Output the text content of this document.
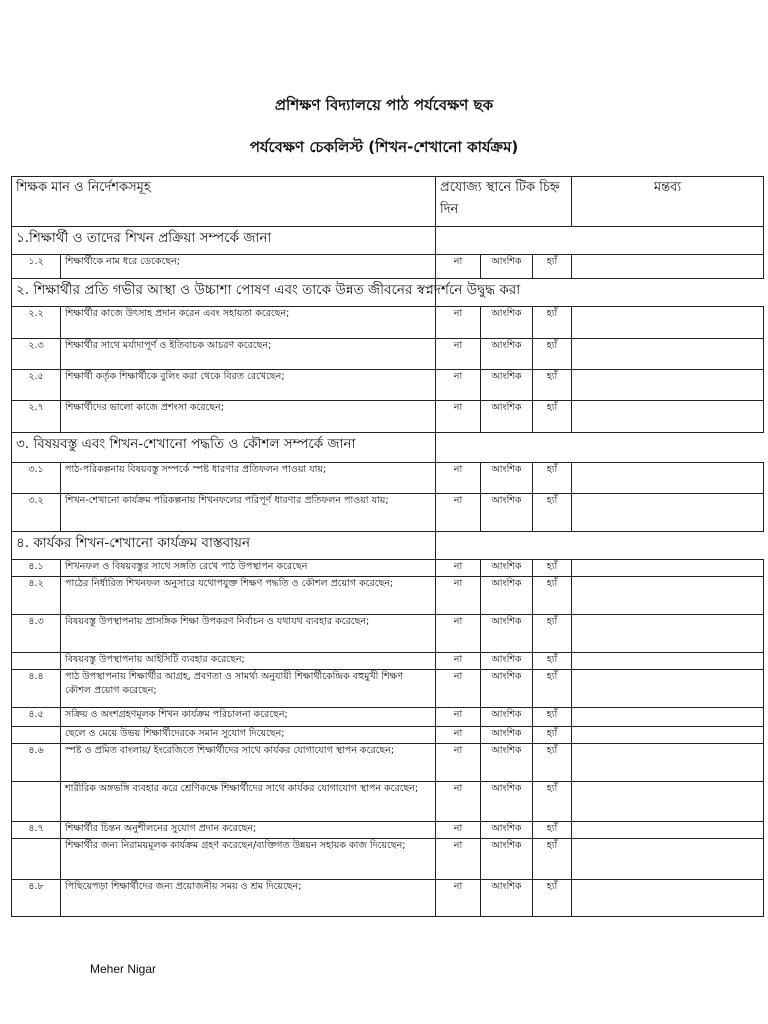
প্রশিক্ষণ বিদ্যালয়ে পাঠ পর্যবেক্ষণ ছক
পর্যবেক্ষণ চেকলিস্ট (শিখন-শেখানো কার্যক্রম)
শিক্ষক মান ও নির্দেশকসমূহ		প্রযোজ্য স্থানে টিক চিহ্ন দিন			মন্তব্য
১.শিক্ষার্থী ও তাদের শিখন প্রক্রিয়া সম্পর্কে জানা					
১.২	শিক্ষার্থীকে নাম ধরে ডেকেছেন;	না	আংশিক	হ্যাঁ	
২. শিক্ষার্থীর প্রতি গভীর আস্থা ও উচ্চাশা পোষণ এবং তাকে উন্নত জীবনের স্বপ্নদর্শনে উদ্বুদ্ধ করা					
২.২	শিক্ষার্থীর কাজে উৎসাহ প্রদান করেন এবং সহায়তা করেছেন;	না	আংশিক	হ্যাঁ	
২.৩	শিক্ষার্থীর সাথে মর্যাদাপূর্ণ ও ইতিবাচক আচরণ করেছেন;	না	আংশিক	হ্যাঁ	
২.৫	শিক্ষার্থী কর্তৃক শিক্ষার্থীকে বুলিং করা থেকে বিরত রেখেছেন;	না	আংশিক	হ্যাঁ	
২.৭	শিক্ষার্থীদের ভালো কাজে প্রশংসা করেছেন;	না	আংশিক	হ্যাঁ	
৩. বিষয়বস্তু এবং শিখন-শেখানো পদ্ধতি ও কৌশল সম্পর্কে জানা					
৩.১	পাঠ-পরিকল্পনায় বিষয়বস্তু সম্পর্কে স্পষ্ট ধারণার প্রতিফলন পাওয়া যায়;	না	আংশিক	হ্যাঁ	
৩.২	শিখন-শেখানো কার্যক্রম পরিকল্পনায় শিখনফলের পরিপূর্ণ ধারণার প্রতিফলন পাওয়া যায়;	না	আংশিক	হ্যাঁ	
৪. কার্যকর শিখন-শেখানো কার্যক্রম বাস্তবায়ন					
৪.১	শিখনফল ও বিষয়বস্তুর সাথে সঙ্গতি রেখে পাঠ উপস্থাপন করেছেন	না	আংশিক	হ্যাঁ	
৪.২	পাঠের নির্ধারিত শিখনফল অনুসারে যথোপযুক্ত শিক্ষণ পদ্ধতি ও কৌশল প্রয়োগ করেছেন;	না	আংশিক	হ্যাঁ	
৪.৩	বিষয়বস্তু উপস্থাপনায় প্রাসঙ্গিক শিক্ষা উপকরণ নির্বাচন ও যথাযথ ব্যবহার করেছেন;	না	আংশিক	হ্যাঁ	
	বিষয়বস্তু উপস্থাপনায় আইসিটি ব্যবহার করেছেন;	না	আংশিক	হ্যাঁ	
৪.৪	পাঠ উপস্থাপনায় শিক্ষার্থীর আগ্রহ, প্রবণতা ও সামর্থ্য অনুযায়ী শিক্ষার্থীকেন্দ্রিক বহুমুখী শিক্ষণ কৌশল প্রয়োগ করেছেন;	না	আংশিক	হ্যাঁ	
৪.৫	সক্রিয় ও অংশগ্রহণমূলক শিখন কার্যক্রম পরিচালনা করেছেন;	না	আংশিক	হ্যাঁ	
	ছেলে ও মেয়ে উভয় শিক্ষার্থীদেরকে সমান সুযোগ দিয়েছেন;	না	আংশিক	হ্যাঁ	
৪.৬	স্পষ্ট ও প্রমিত বাংলায়/ ইংরেজিতে শিক্ষার্থীদের সাথে কার্যকর যোগাযোগ স্থাপন করেছেন;	না	আংশিক	হ্যাঁ	
	শারীরিক অঙ্গভঙ্গি ব্যবহার করে শ্রেণিকক্ষে শিক্ষার্থীদের সাথে কার্যকর যোগাযোগ স্থাপন করেছেন;	না	আংশিক	হ্যাঁ	
৪.৭	শিক্ষার্থীর চিন্তন অনুশীলনের সুযোগ প্রদান করেছেন;	না	আংশিক	হ্যাঁ	
	শিক্ষার্থীর জন্য নিরাময়মূলক কার্যক্রম গ্রহণ করেছেন/ব্যক্তিগত উন্নয়ন সহায়ক কাজ দিয়েছেন;	না	আংশিক	হ্যাঁ	
৪.৮	পিছিয়েপড়া শিক্ষার্থীদের জন্য প্রয়োজনীয় সময় ও শ্রম দিয়েছেন;	না	আংশিক	হ্যাঁ	
Meher Nigar
